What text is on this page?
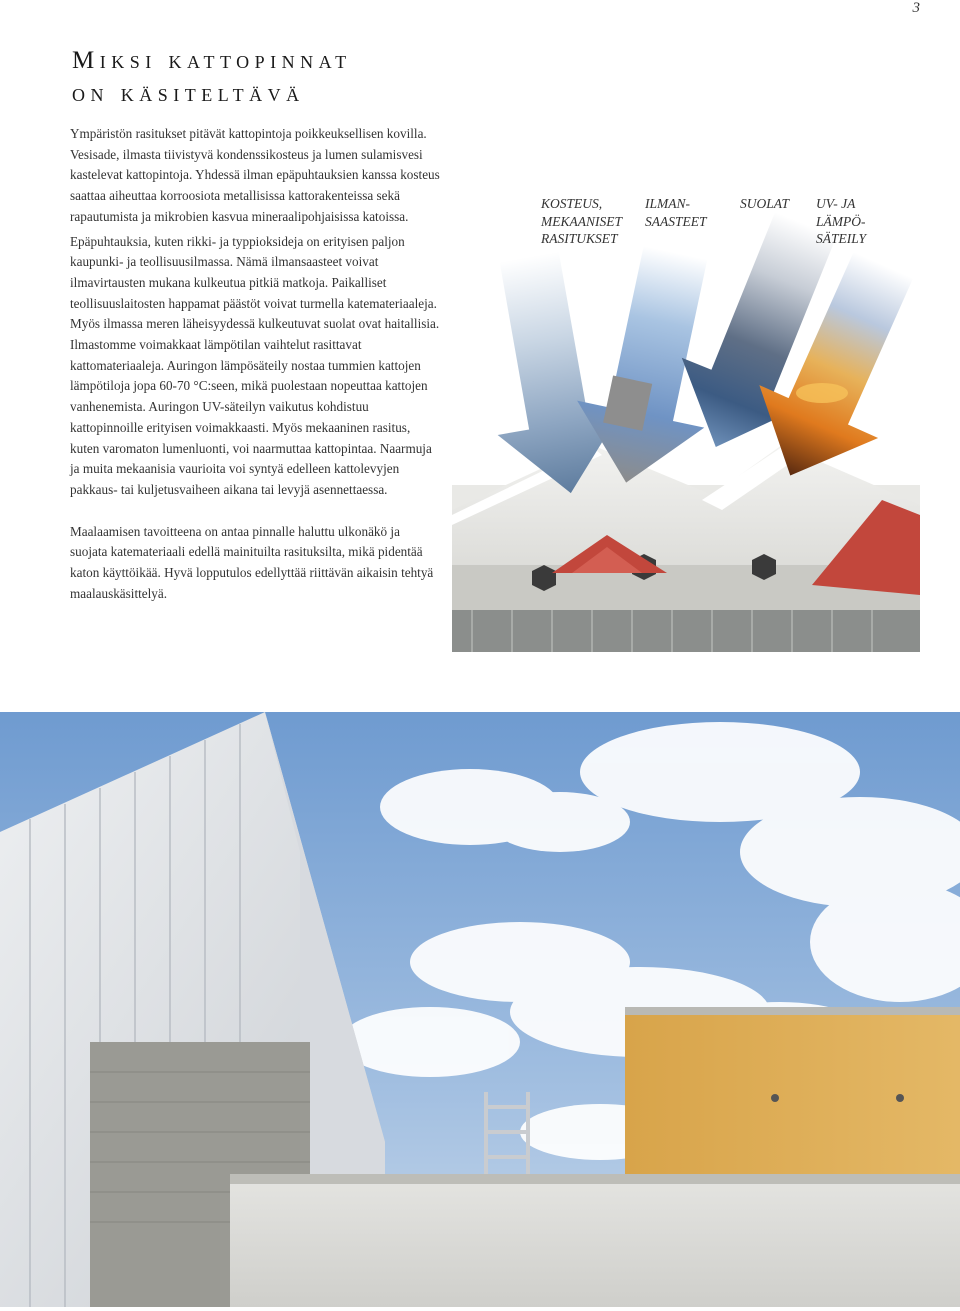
3
Miksi kattopinnat
on käsiteltävä

Ympäristön rasitukset pitävät kattopintoja poikkeuksellisen kovilla. Vesisade, ilmasta tiivistyvä kondenssikosteus ja lumen sulamisvesi kastelevat kattopintoja. Yhdessä ilman epäpuhtauksien kanssa kosteus saattaa aiheuttaa korroosiota metallisissa kattorakenteissa sekä rapautumista ja mikrobien kasvua mineraalipohjaisissa katoissa.

Epäpuhtauksia, kuten rikki- ja typpioksideja on erityisen paljon kaupunki- ja teollisuusilmassa. Nämä ilmansaasteet voivat ilmavirtausten mukana kulkeutua pitkiä matkoja. Paikalliset teollisuuslaitosten happamat päästöt voivat turmella katemateriaaleja. Myös ilmassa meren läheisyydessä kulkeutuvat suolat ovat haitallisia.

Ilmastomme voimakkaat lämpötilan vaihtelut rasittavat kattomateriaaleja. Auringon lämpösäteily nostaa tummien kattojen lämpötiloja jopa 60-70 °C:seen, mikä puolestaan nopeuttaa kattojen vanhenemista. Auringon UV-säteilyn vaikutus kohdistuu kattopinnoille erityisen voimakkaasti. Myös mekaaninen rasitus, kuten varomaton lumenluonti, voi naarmuttaa kattopintaa. Naarmuja ja muita mekaanisia vaurioita voi syntyä edelleen kattolevyjen pakkaus- tai kuljetusvaiheen aikana tai levyjä asennettaessa.

Maalaamisen tavoitteena on antaa pinnalle haluttu ulkonäkö ja suojata katemateriaali edellä mainituilta rasituksilta, mikä pidentää katon käyttöikää. Hyvä lopputulos edellyttää riittävän aikaisin tehtyä maalauskäsittelyä.

KOSTEUS,
MEKAANISET
RASITUKSET
ILMAN-
SAASTEET
SUOLAT UV- JA
LÄMPÖ-
SÄTEILY
